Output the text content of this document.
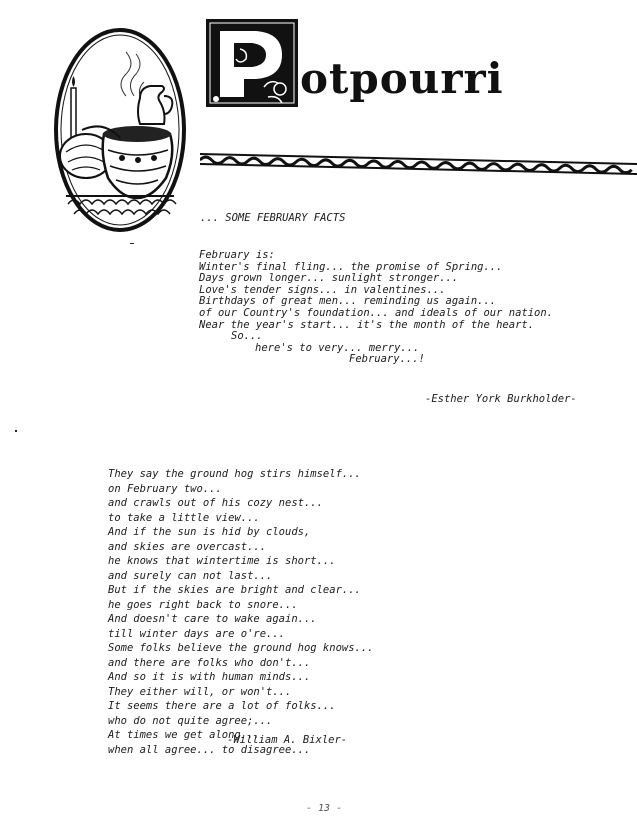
otpourri
... SOME FEBRUARY FACTS
February is:
Winter's final fling... the promise of Spring...
Days grown longer... sunlight stronger...
Love's tender signs... in valentines...
Birthdays of great men... reminding us again...
of our Country's foundation... and ideals of our nation.
Near the year's start... it's the month of the heart.
So...
here's to very... merry...
February...!
-Esther York Burkholder-
They say the ground hog stirs himself...
on February two...
and crawls out of his cozy nest...
to take a little view...
And if the sun is hid by clouds,
and skies are overcast...
he knows that wintertime is short...
and surely can not last...
But if the skies are bright and clear...
he goes right back to snore...
And doesn't care to wake again...
till winter days are o're...
Some folks believe the ground hog knows...
and there are folks who don't...
And so it is with human minds...
They either will, or won't...
It seems there are a lot of folks...
who do not quite agree;...
At times we get along...
when all agree... to disagree...
-William A. Bixler-
- 13 -
